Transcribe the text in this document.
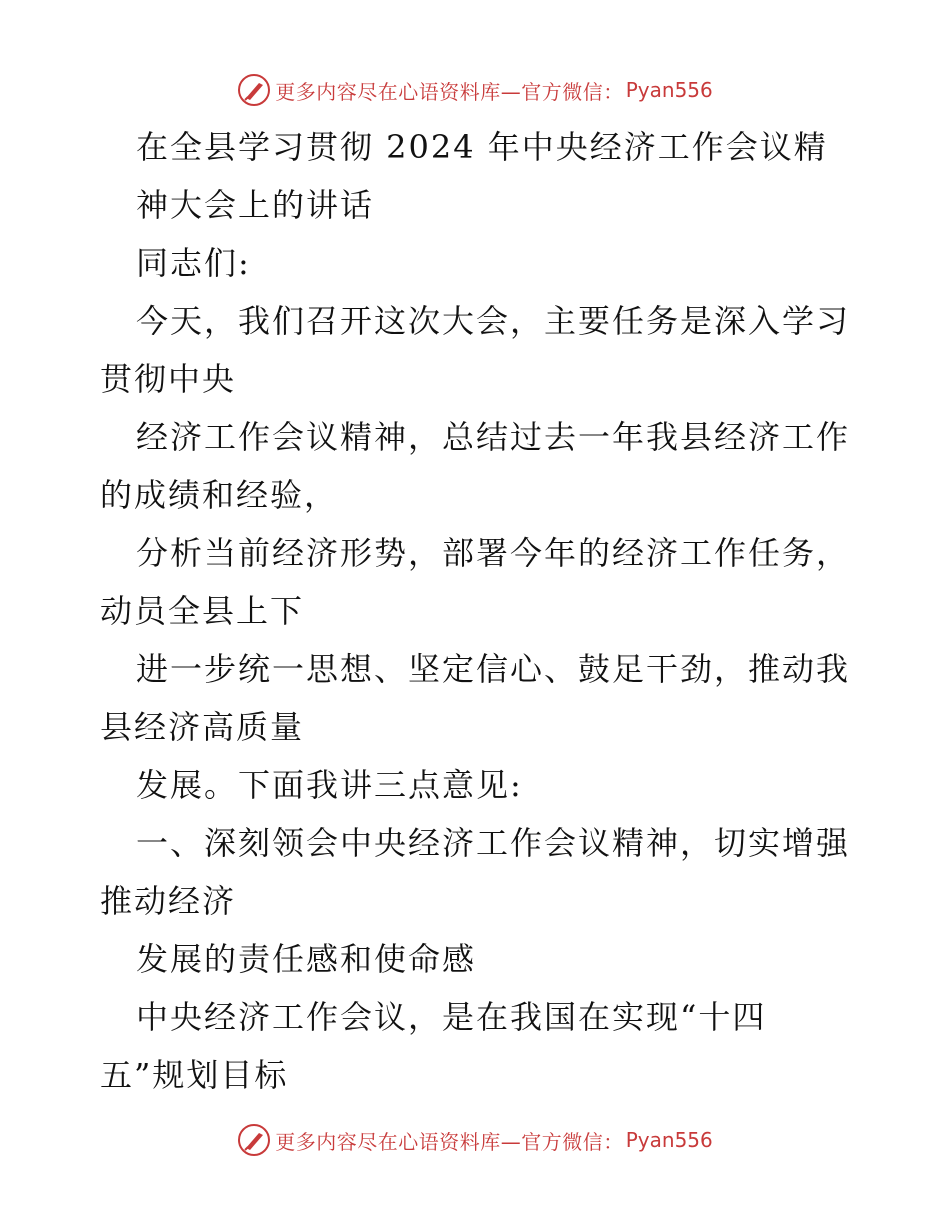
更多内容尽在心语资料库—官方微信： Pyan556
在全县学习贯彻 2024 年中央经济工作会议精
神大会上的讲话
同志们:
今天，我们召开这次大会，主要任务是深入学习
贯彻中央
经济工作会议精神，总结过去一年我县经济工作
的成绩和经验，
分析当前经济形势，部署今年的经济工作任务，
动员全县上下
进一步统一思想、坚定信心、鼓足干劲，推动我
县经济高质量
发展。下面我讲三点意见:
一、深刻领会中央经济工作会议精神，切实增强
推动经济
发展的责任感和使命感
中央经济工作会议，是在我国在实现“十四
五”规划目标
更多内容尽在心语资料库—官方微信： Pyan556
